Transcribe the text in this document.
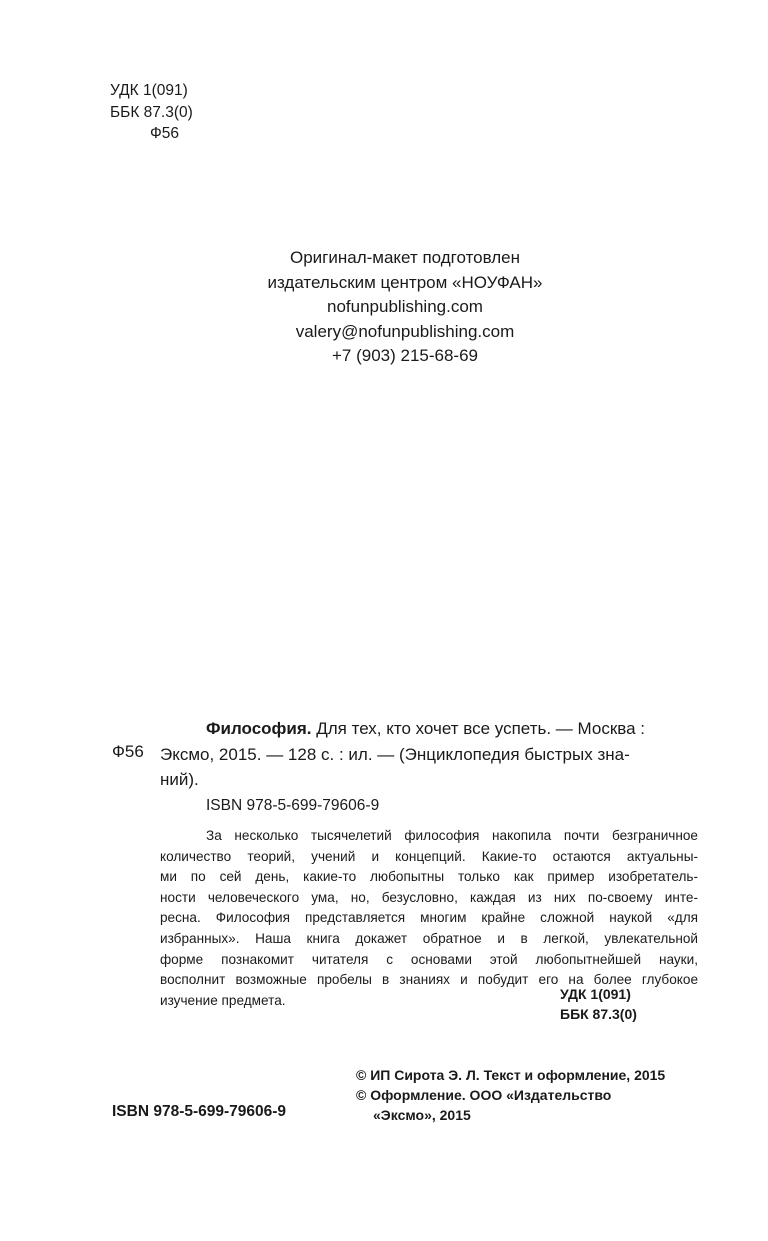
УДК 1(091)
ББК 87.3(0)
Ф56
Оригинал-макет подготовлен
издательским центром «НОУФАН»
nofunpublishing.com
valery@nofunpublishing.com
+7 (903) 215-68-69
Ф56
Философия. Для тех, кто хочет все успеть. — Москва :
Эксмо, 2015. — 128 с. : ил. — (Энциклопедия быстрых зна-
ний).
ISBN 978-5-699-79606-9
За несколько тысячелетий философия накопила почти безграничное
количество теорий, учений и концепций. Какие-то остаются актуальны-
ми по сей день, какие-то любопытны только как пример изобретатель-
ности человеческого ума, но, безусловно, каждая из них по-своему инте-
ресна. Философия представляется многим крайне сложной наукой «для
избранных». Наша книга докажет обратное и в легкой, увлекательной
форме познакомит читателя с основами этой любопытнейшей науки,
восполнит возможные пробелы в знаниях и побудит его на более глубокое
изучение предмета.	УДК 1(091)
ББК 87.3(0)
© ИП Сирота Э. Л. Текст и оформление, 2015
© Оформление. ООО «Издательство
«Эксмо», 2015
ISBN 978-5-699-79606-9
